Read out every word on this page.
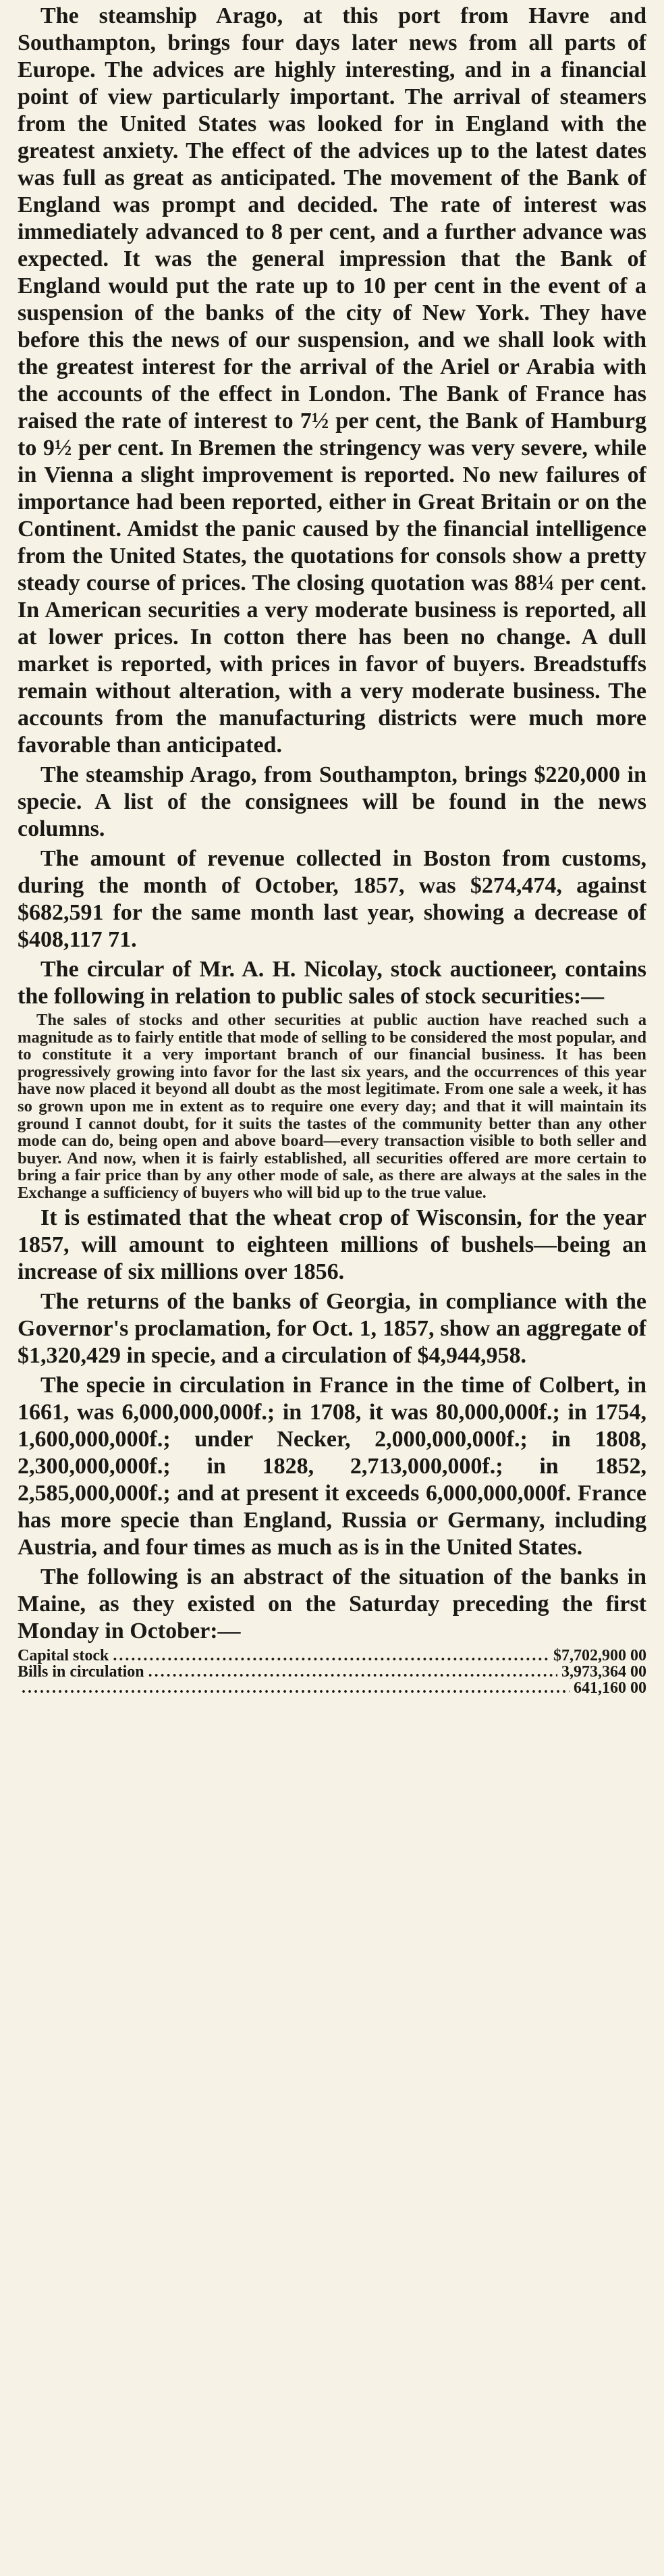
The steamship Arago, at this port from Havre and Southampton, brings four days later news from all parts of Europe. The advices are highly interesting, and in a financial point of view particularly important. The arrival of steamers from the United States was looked for in England with the greatest anxiety. The effect of the advices up to the latest dates was full as great as anticipated. The movement of the Bank of England was prompt and decided. The rate of interest was immediately advanced to 8 per cent, and a further advance was expected. It was the general impression that the Bank of England would put the rate up to 10 per cent in the event of a suspension of the banks of the city of New York. They have before this the news of our suspension, and we shall look with the greatest interest for the arrival of the Ariel or Arabia with the accounts of the effect in London. The Bank of France has raised the rate of interest to 7½ per cent, the Bank of Hamburg to 9½ per cent. In Bremen the stringency was very severe, while in Vienna a slight improvement is reported. No new failures of importance had been reported, either in Great Britain or on the Continent. Amidst the panic caused by the financial intelligence from the United States, the quotations for consols show a pretty steady course of prices. The closing quotation was 88¼ per cent. In American securities a very moderate business is reported, all at lower prices. In cotton there has been no change. A dull market is reported, with prices in favor of buyers. Breadstuffs remain without alteration, with a very moderate business. The accounts from the manufacturing districts were much more favorable than anticipated.

The steamship Arago, from Southampton, brings $220,000 in specie. A list of the consignees will be found in the news columns.

The amount of revenue collected in Boston from customs, during the month of October, 1857, was $274,474, against $682,591 for the same month last year, showing a decrease of $408,117 71.

The circular of Mr. A. H. Nicolay, stock auctioneer, contains the following in relation to public sales of stock securities:—

The sales of stocks and other securities at public auction have reached such a magnitude as to fairly entitle that mode of selling to be considered the most popular, and to constitute it a very important branch of our financial business. It has been progressively growing into favor for the last six years, and the occurrences of this year have now placed it beyond all doubt as the most legitimate. From one sale a week, it has so grown upon me in extent as to require one every day; and that it will maintain its ground I cannot doubt, for it suits the tastes of the community better than any other mode can do, being open and above board—every transaction visible to both seller and buyer. And now, when it is fairly established, all securities offered are more certain to bring a fair price than by any other mode of sale, as there are always at the sales in the Exchange a sufficiency of buyers who will bid up to the true value.

It is estimated that the wheat crop of Wisconsin, for the year 1857, will amount to eighteen millions of bushels—being an increase of six millions over 1856.

The returns of the banks of Georgia, in compliance with the Governor's proclamation, for Oct. 1, 1857, show an aggregate of $1,320,429 in specie, and a circulation of $4,944,958.

The specie in circulation in France in the time of Colbert, in 1661, was 6,000,000,000f.; in 1708, it was 80,000,000f.; in 1754, 1,600,000,000f.; under Necker, 2,000,000,000f.; in 1808, 2,300,000,000f.; in 1828, 2,713,000,000f.; in 1852, 2,585,000,000f.; and at present it exceeds 6,000,000,000f. France has more specie than England, Russia or Germany, including Austria, and four times as much as is in the United States.

The following is an abstract of the situation of the banks in Maine, as they existed on the Saturday preceding the first Monday in October:—

Capital stock .....	$7,702,900 00
Bills in circulation .....	3,973,364 00
.....
641,160 00
